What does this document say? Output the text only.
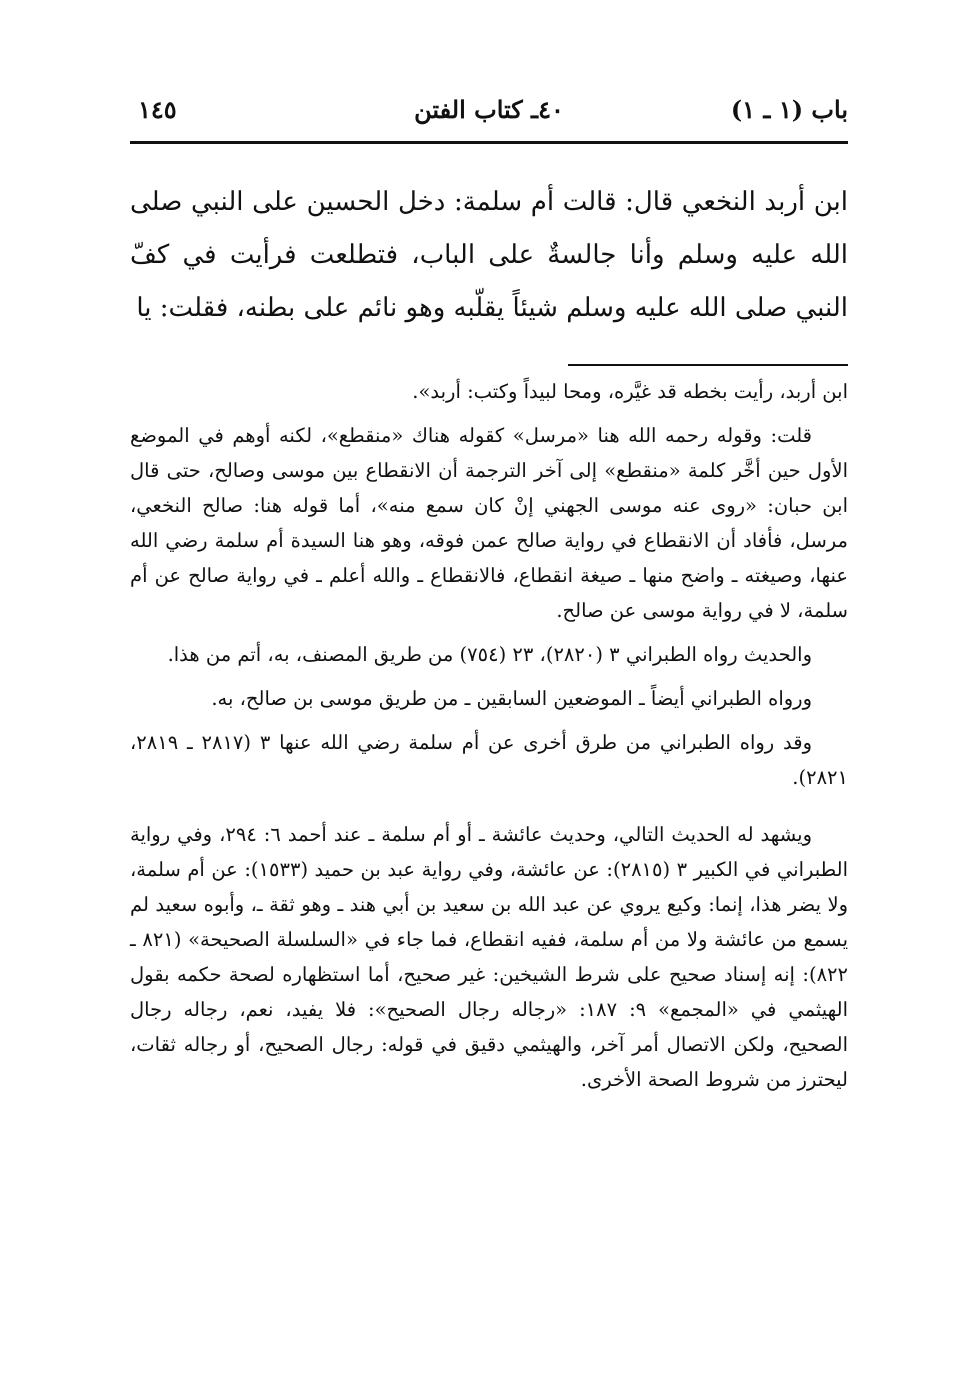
باب (١ ـ ١)
٤٠ـ كتاب الفتن
١٤٥

ابن أربد النخعي قال: قالت أم سلمة: دخل الحسين على النبي صلى الله عليه وسلم وأنا جالسةٌ على الباب، فتطلعت فرأيت في كفّ النبي صلى الله عليه وسلم شيئاً يقلّبه وهو نائم على بطنه، فقلت: يا

ابن أربد، رأيت بخطه قد غيَّره، ومحا لبيداً وكتب: أربد».

قلت: وقوله رحمه الله هنا «مرسل» كقوله هناك «منقطع»، لكنه أوهم في الموضع الأول حين أخَّر كلمة «منقطع» إلى آخر الترجمة أن الانقطاع بين موسى وصالح، حتى قال ابن حبان: «روى عنه موسى الجهني إنْ كان سمع منه»، أما قوله هنا: صالح النخعي، مرسل، فأفاد أن الانقطاع في رواية صالح عمن فوقه، وهو هنا السيدة أم سلمة رضي الله عنها، وصيغته ـ واضح منها ـ صيغة انقطاع، فالانقطاع ـ والله أعلم ـ في رواية صالح عن أم سلمة، لا في رواية موسى عن صالح.

والحديث رواه الطبراني ٣ (٢٨٢٠)، ٢٣ (٧٥٤) من طريق المصنف، به، أتم من هذا.

ورواه الطبراني أيضاً ـ الموضعين السابقين ـ من طريق موسى بن صالح، به.

وقد رواه الطبراني من طرق أخرى عن أم سلمة رضي الله عنها ٣ (٢٨١٧ ـ ٢٨١٩، ٢٨٢١).

ويشهد له الحديث التالي، وحديث عائشة ـ أو أم سلمة ـ عند أحمد ٦: ٢٩٤، وفي رواية الطبراني في الكبير ٣ (٢٨١٥): عن عائشة، وفي رواية عبد بن حميد (١٥٣٣): عن أم سلمة، ولا يضر هذا، إنما: وكيع يروي عن عبد الله بن سعيد بن أبي هند ـ وهو ثقة ـ، وأبوه سعيد لم يسمع من عائشة ولا من أم سلمة، ففيه انقطاع، فما جاء في «السلسلة الصحيحة» (٨٢١ ـ ٨٢٢): إنه إسناد صحيح على شرط الشيخين: غير صحيح، أما استظهاره لصحة حكمه بقول الهيثمي في «المجمع» ٩: ١٨٧: «رجاله رجال الصحيح»: فلا يفيد، نعم، رجاله رجال الصحيح، ولكن الاتصال أمر آخر، والهيثمي دقيق في قوله: رجال الصحيح، أو رجاله ثقات، ليحترز من شروط الصحة الأخرى.
